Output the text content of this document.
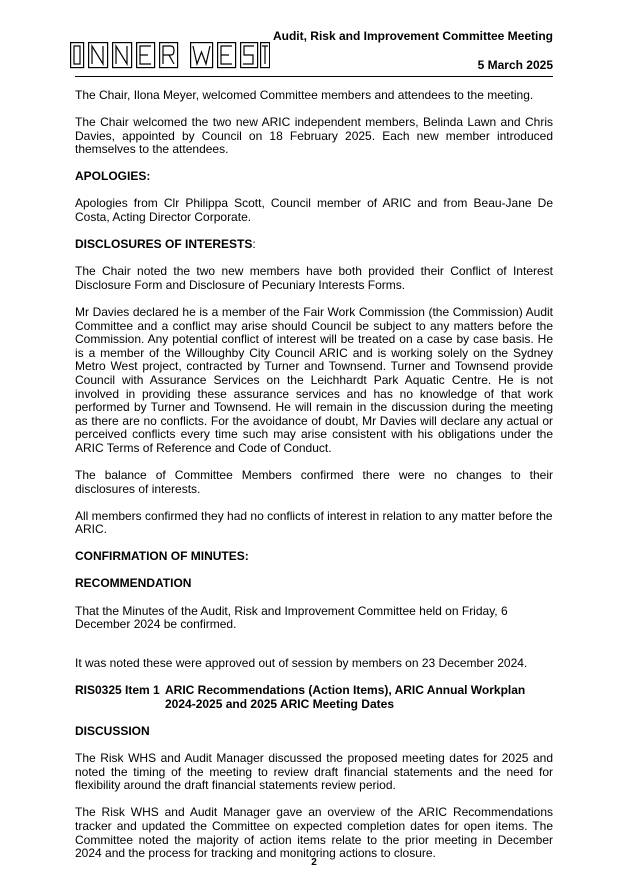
Audit, Risk and Improvement Committee Meeting
5 March 2025

The Chair, Ilona Meyer, welcomed Committee members and attendees to the meeting.

The Chair welcomed the two new ARIC independent members, Belinda Lawn and Chris Davies, appointed by Council on 18 February 2025. Each new member introduced themselves to the attendees.

APOLOGIES:

Apologies from Clr Philippa Scott, Council member of ARIC and from Beau-Jane De Costa, Acting Director Corporate.

DISCLOSURES OF INTERESTS:

The Chair noted the two new members have both provided their Conflict of Interest Disclosure Form and Disclosure of Pecuniary Interests Forms.

Mr Davies declared he is a member of the Fair Work Commission (the Commission) Audit Committee and a conflict may arise should Council be subject to any matters before the Commission. Any potential conflict of interest will be treated on a case by case basis. He is a member of the Willoughby City Council ARIC and is working solely on the Sydney Metro West project, contracted by Turner and Townsend. Turner and Townsend provide Council with Assurance Services on the Leichhardt Park Aquatic Centre. He is not involved in providing these assurance services and has no knowledge of that work performed by Turner and Townsend. He will remain in the discussion during the meeting as there are no conflicts. For the avoidance of doubt, Mr Davies will declare any actual or perceived conflicts every time such may arise consistent with his obligations under the ARIC Terms of Reference and Code of Conduct.

The balance of Committee Members confirmed there were no changes to their disclosures of interests.

All members confirmed they had no conflicts of interest in relation to any matter before the ARIC.

CONFIRMATION OF MINUTES:
RECOMMENDATION

That the Minutes of the Audit, Risk and Improvement Committee held on Friday, 6 December 2024 be confirmed.

It was noted these were approved out of session by members on 23 December 2024.

RIS0325 Item 1 ARIC Recommendations (Action Items), ARIC Annual Workplan 2024-2025 and 2025 ARIC Meeting Dates
DISCUSSION

The Risk WHS and Audit Manager discussed the proposed meeting dates for 2025 and noted the timing of the meeting to review draft financial statements and the need for flexibility around the draft financial statements review period.

The Risk WHS and Audit Manager gave an overview of the ARIC Recommendations tracker and updated the Committee on expected completion dates for open items. The Committee noted the majority of action items relate to the prior meeting in December 2024 and the process for tracking and monitoring actions to closure.

2
